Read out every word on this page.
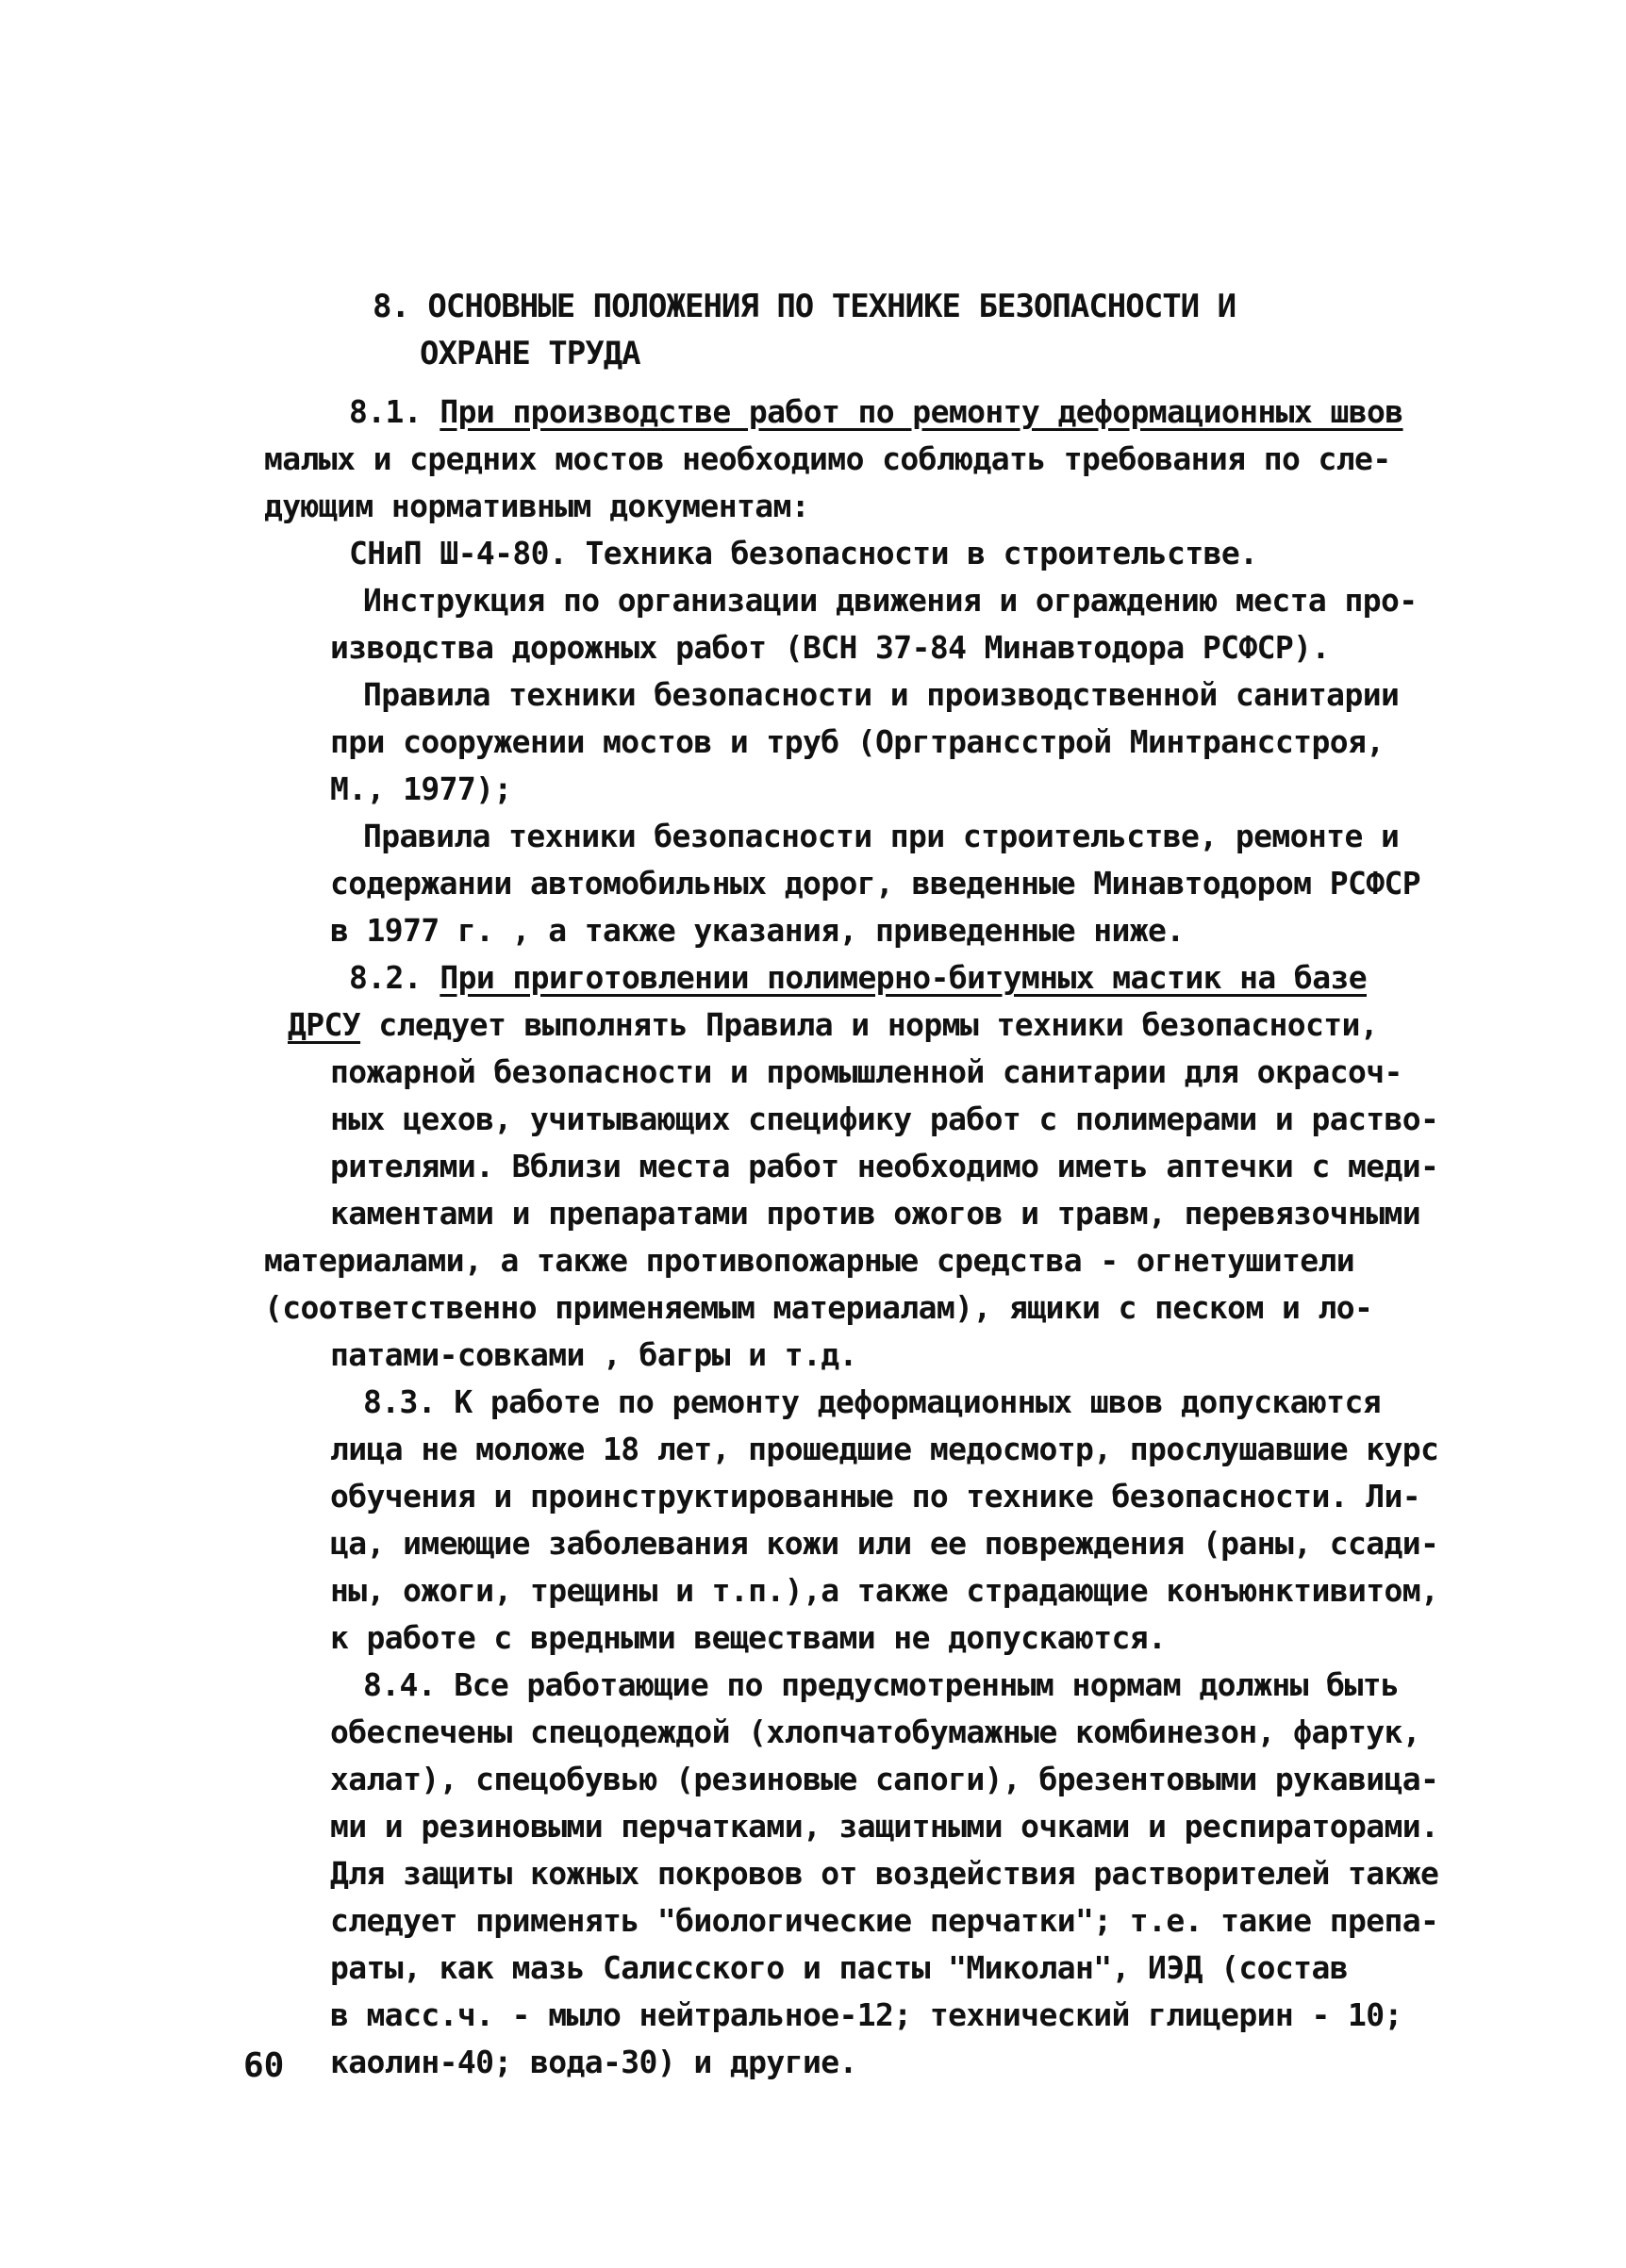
8. ОСНОВНЫЕ ПОЛОЖЕНИЯ ПО ТЕХНИКЕ БЕЗОПАСНОСТИ И
ОХРАНЕ ТРУДА
8.1. При производстве работ по ремонту деформационных швов
малых и средних мостов необходимо соблюдать требования по сле-
дующим нормативным документам:
СНиП Ш-4-80. Техника безопасности в строительстве.
Инструкция по организации движения и ограждению места про-
изводства дорожных работ (ВСН 37-84 Минавтодора РСФСР).
Правила техники безопасности и производственной санитарии
при сооружении мостов и труб (Оргтрансстрой Минтрансстроя,
М., 1977);
Правила техники безопасности при строительстве, ремонте и
содержании автомобильных дорог, введенные Минавтодором РСФСР
в 1977 г. , а также указания, приведенные ниже.
8.2. При приготовлении полимерно-битумных мастик на базе
ДРСУ следует выполнять Правила и нормы техники безопасности,
пожарной безопасности и промышленной санитарии для окрасоч-
ных цехов, учитывающих специфику работ с полимерами и раство-
рителями. Вблизи места работ необходимо иметь аптечки с меди-
каментами и препаратами против ожогов и травм, перевязочными
материалами, а также противопожарные средства - огнетушители
(соответственно применяемым материалам), ящики с песком и ло-
патами-совками , багры и т.д.
8.3. К работе по ремонту деформационных швов допускаются
лица не моложе 18 лет, прошедшие медосмотр, прослушавшие курс
обучения и проинструктированные по технике безопасности. Ли-
ца, имеющие заболевания кожи или ее повреждения (раны, ссади-
ны, ожоги, трещины и т.п.),а также страдающие конъюнктивитом,
к работе с вредными веществами не допускаются.
8.4. Все работающие по предусмотренным нормам должны быть
обеспечены спецодеждой (хлопчатобумажные комбинезон, фартук,
халат), спецобувью (резиновые сапоги), брезентовыми рукавица-
ми и резиновыми перчатками, защитными очками и респираторами.
Для защиты кожных покровов от воздействия растворителей также
следует применять "биологические перчатки"; т.е. такие препа-
раты, как мазь Салисского и пасты "Миколан", ИЭД (состав
в масс.ч. - мыло нейтральное-12; технический глицерин - 10;
каолин-40; вода-30) и другие.
60
